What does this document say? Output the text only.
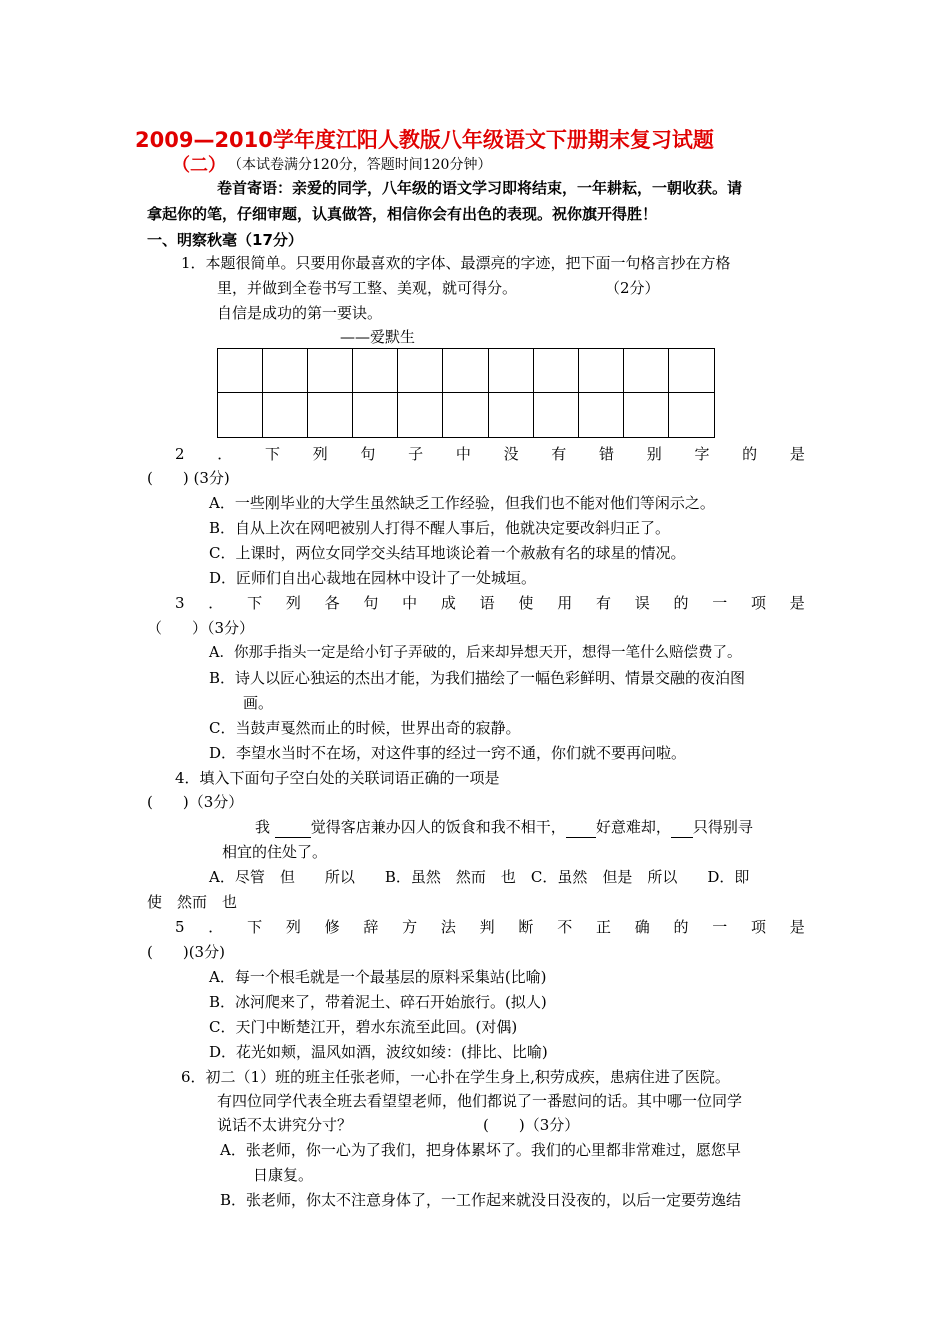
2009—2010学年度江阳人教版八年级语文下册期末复习试题
（二） （本试卷满分120分，答题时间120分钟）
卷首寄语：亲爱的同学，八年级的语文学习即将结束，一年耕耘，一朝收获。请
拿起你的笔，仔细审题，认真做答，相信你会有出色的表现。祝你旗开得胜！
一、明察秋毫（17分）
1．本题很简单。只要用你最喜欢的字体、最漂亮的字迹，把下面一句格言抄在方格
里，并做到全卷书写工整、美观，就可得分。	（2分）
自信是成功的第一要诀。
——爱默生
2 ． 下 列 句 子 中 没 有 错 别 字 的 是
(　　) (3分)
A．一些刚毕业的大学生虽然缺乏工作经验，但我们也不能对他们等闲示之。
B．自从上次在网吧被别人打得不醒人事后，他就决定要改斜归正了。
C．上课时，两位女同学交头结耳地谈论着一个赦赦有名的球星的情况。
D．匠师们自出心裁地在园林中设计了一处城垣。
3 ． 下 列 各 句 中 成 语 使 用 有 误 的 一 项 是
（　　）（3分）
A．你那手指头一定是给小钉子弄破的，后来却异想天开，想得一笔什么赔偿费了。
B．诗人以匠心独运的杰出才能，为我们描绘了一幅色彩鲜明、情景交融的夜泊图
画。
C．当鼓声戛然而止的时候，世界出奇的寂静。
D．李望水当时不在场，对这件事的经过一窍不通，你们就不要再问啦。
4．填入下面句子空白处的关联词语正确的一项是
(　　)（3分）
我	觉得客店兼办囚人的饭食和我不相干， 好意难却， 只得别寻
相宜的住处了。
A．尽管　但　　所以　　B．虽然　然而　也　C．虽然　但是　所以　　D．即
使　然而　也
5 ． 下 列 修 辞 方 法 判 断 不 正 确 的 一 项 是
(　　)(3分)
A．每一个根毛就是一个最基层的原料采集站(比喻)
B．冰河爬来了，带着泥土、碎石开始旅行。(拟人)
C．天门中断楚江开，碧水东流至此回。(对偶)
D．花光如颊，温风如酒，波纹如绫：(排比、比喻)
6．初二（1）班的班主任张老师，一心扑在学生身上,积劳成疾，患病住进了医院。
有四位同学代表全班去看望望老师，他们都说了一番慰问的话。其中哪一位同学
说话不太讲究分寸？	(　　)（3分）
A．张老师，你一心为了我们，把身体累坏了。我们的心里都非常难过，愿您早
日康复。
B．张老师，你太不注意身体了，一工作起来就没日没夜的，以后一定要劳逸结
